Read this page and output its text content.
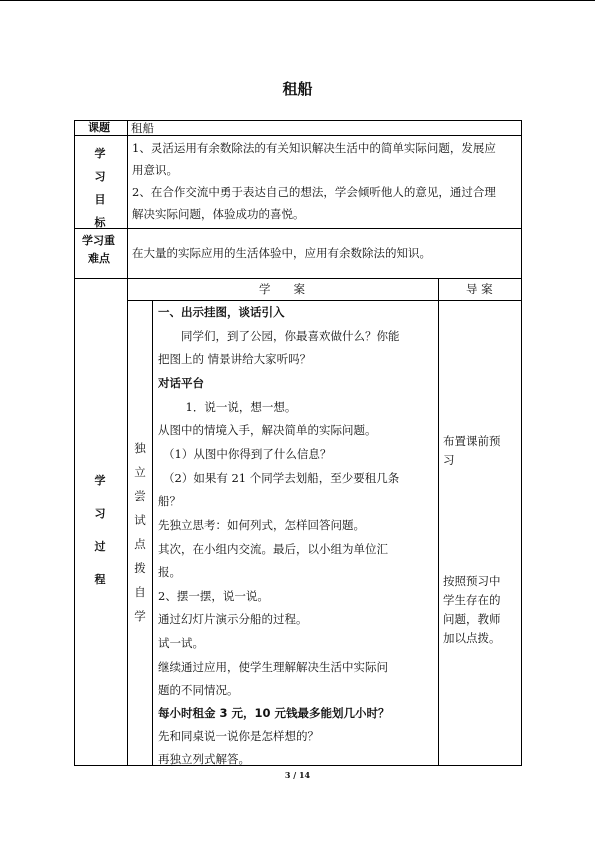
租船
课题 租船
学
习
目
标
1、灵活运用有余数除法的有关知识解决生活中的简单实际问题，发展应
用意识。
2、在合作交流中勇于表达自己的想法，学会倾听他人的意见，通过合理
解决实际问题，体验成功的喜悦。
学习重
难点 在大量的实际应用的生活体验中，应用有余数除法的知识。
学　　案	导 案
学
习
过
程
独
立
尝
试
点
拨
自
学
一、出示挂图，谈话引入
　　同学们，到了公园，你最喜欢做什么？你能
把图上的 情景讲给大家听吗？
对话平台
　1．说一说，想一想。
从图中的情境入手，解决简单的实际问题。
（1）从图中你得到了什么信息？
（2）如果有 21 个同学去划船，至少要租几条
船？
先独立思考：如何列式，怎样回答问题。
其次，在小组内交流。最后，以小组为单位汇
报。
2、摆一摆，说一说。
通过幻灯片演示分船的过程。
试一试。
继续通过应用，使学生理解解决生活中实际问
题的不同情况。
每小时租金 3 元，10 元钱最多能划几小时？
先和同桌说一说你是怎样想的？
再独立列式解答。
布置课前预
习
按照预习中
学生存在的
问题，教师
加以点拨。
3 / 14
